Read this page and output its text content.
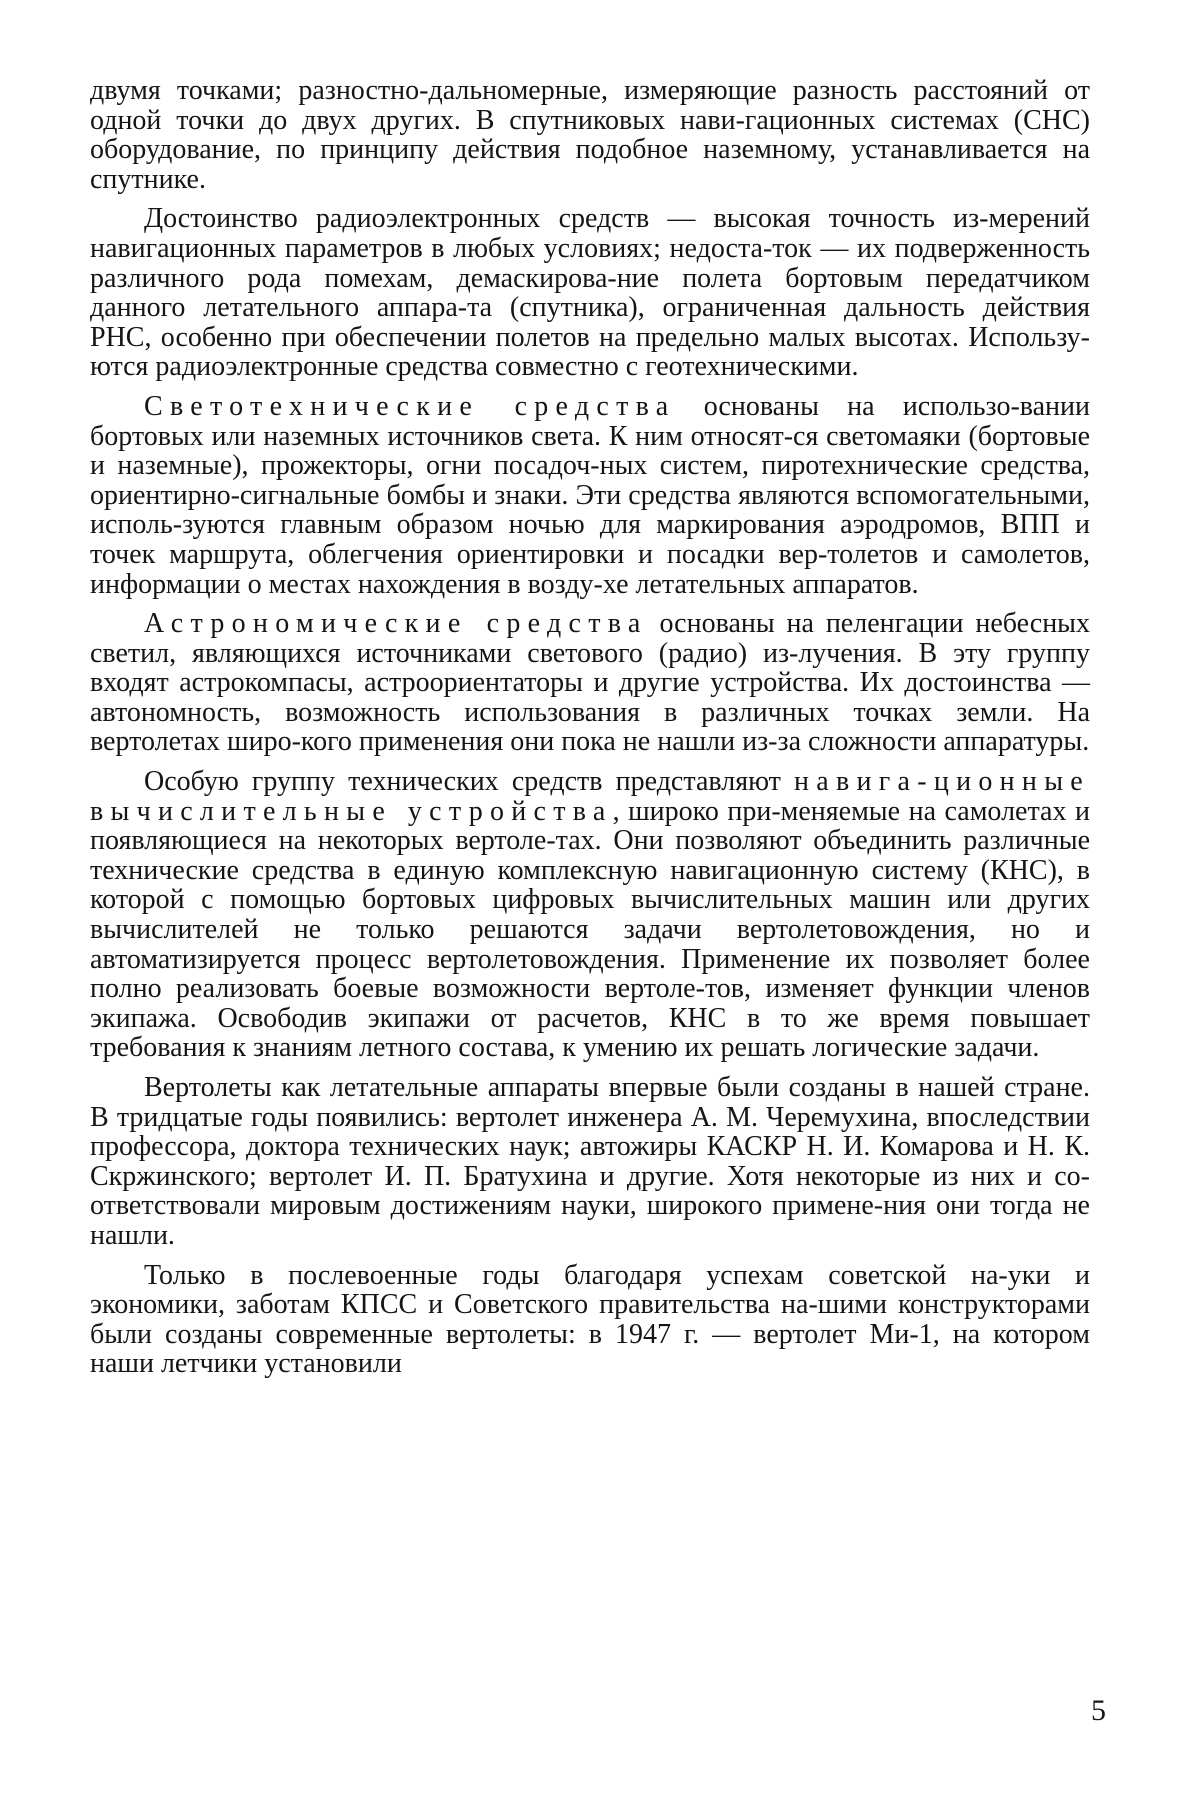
двумя точками; разностно-дальномерные, измеряющие разность расстояний от одной точки до двух других. В спутниковых нави-гационных системах (СНС) оборудование, по принципу действия подобное наземному, устанавливается на спутнике.

Достоинство радиоэлектронных средств — высокая точность из-мерений навигационных параметров в любых условиях; недоста-ток — их подверженность различного рода помехам, демаскирова-ние полета бортовым передатчиком данного летательного аппара-та (спутника), ограниченная дальность действия РНС, особенно при обеспечении полетов на предельно малых высотах. Использу-ются радиоэлектронные средства совместно с геотехническими.

Светотехнические средства основаны на использо-вании бортовых или наземных источников света. К ним относят-ся светомаяки (бортовые и наземные), прожекторы, огни посадоч-ных систем, пиротехнические средства, ориентирно-сигнальные бомбы и знаки. Эти средства являются вспомогательными, исполь-зуются главным образом ночью для маркирования аэродромов, ВПП и точек маршрута, облегчения ориентировки и посадки вер-толетов и самолетов, информации о местах нахождения в возду-хе летательных аппаратов.

Астрономические средства основаны на пеленгации небесных светил, являющихся источниками светового (радио) из-лучения. В эту группу входят астрокомпасы, астроориентаторы и другие устройства. Их достоинства — автономность, возможность использования в различных точках земли. На вертолетах широ-кого применения они пока не нашли из-за сложности аппаратуры.

Особую группу технических средств представляют навига-ционные вычислительные устройства, широко при-меняемые на самолетах и появляющиеся на некоторых вертоле-тах. Они позволяют объединить различные технические средства в единую комплексную навигационную систему (КНС), в которой с помощью бортовых цифровых вычислительных машин или других вычислителей не только решаются задачи вертолетовождения, но и автоматизируется процесс вертолетовождения. Применение их позволяет более полно реализовать боевые возможности вертоле-тов, изменяет функции членов экипажа. Освободив экипажи от расчетов, КНС в то же время повышает требования к знаниям летного состава, к умению их решать логические задачи.

Вертолеты как летательные аппараты впервые были созданы в нашей стране. В тридцатые годы появились: вертолет инженера А. М. Черемухина, впоследствии профессора, доктора технических наук; автожиры КАСКР Н. И. Комарова и Н. К. Скржинского; вертолет И. П. Братухина и другие. Хотя некоторые из них и со-ответствовали мировым достижениям науки, широкого примене-ния они тогда не нашли.

Только в послевоенные годы благодаря успехам советской на-уки и экономики, заботам КПСС и Советского правительства на-шими конструкторами были созданы современные вертолеты: в 1947 г. — вертолет Ми-1, на котором наши летчики установили

5
